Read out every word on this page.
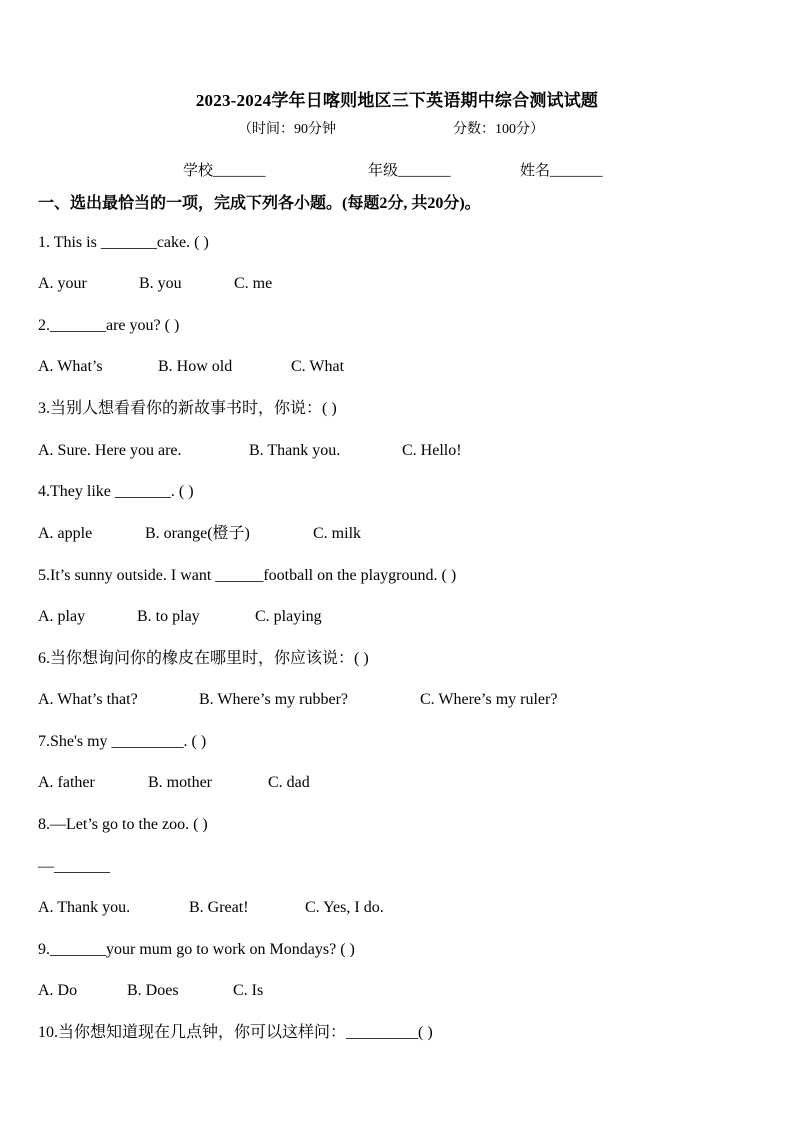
2023-2024学年日喀则地区三下英语期中综合测试试题
（时间：90分钟	分数：100分）
学校_______	年级_______	姓名_______
一、选出最恰当的一项，完成下列各小题。(每题2分, 共20分)。
1. This is _______cake. ( )
A. your	B. you	C. me
2._______are you? ( )
A. What’s	B. How old	C. What
3.当别人想看看你的新故事书时，你说：( )
A. Sure. Here you are.	B. Thank you.	C. Hello!
4.They like _______. ( )
A. apple	B. orange(橙子)	C. milk
5.It’s sunny outside. I want ______football on the playground. ( )
A. play	B. to play	C. playing
6.当你想询问你的橡皮在哪里时，你应该说：( )
A. What’s that?	B. Where’s my rubber?	C. Where’s my ruler?
7.She's my _________. ( )
A. father	B. mother	C. dad
8.—Let’s go to the zoo. ( )
—_______
A. Thank you.	B. Great!	C. Yes, I do.
9._______your mum go to work on Mondays? ( )
A. Do	B. Does	C. Is
10.当你想知道现在几点钟，你可以这样问：_________( )
